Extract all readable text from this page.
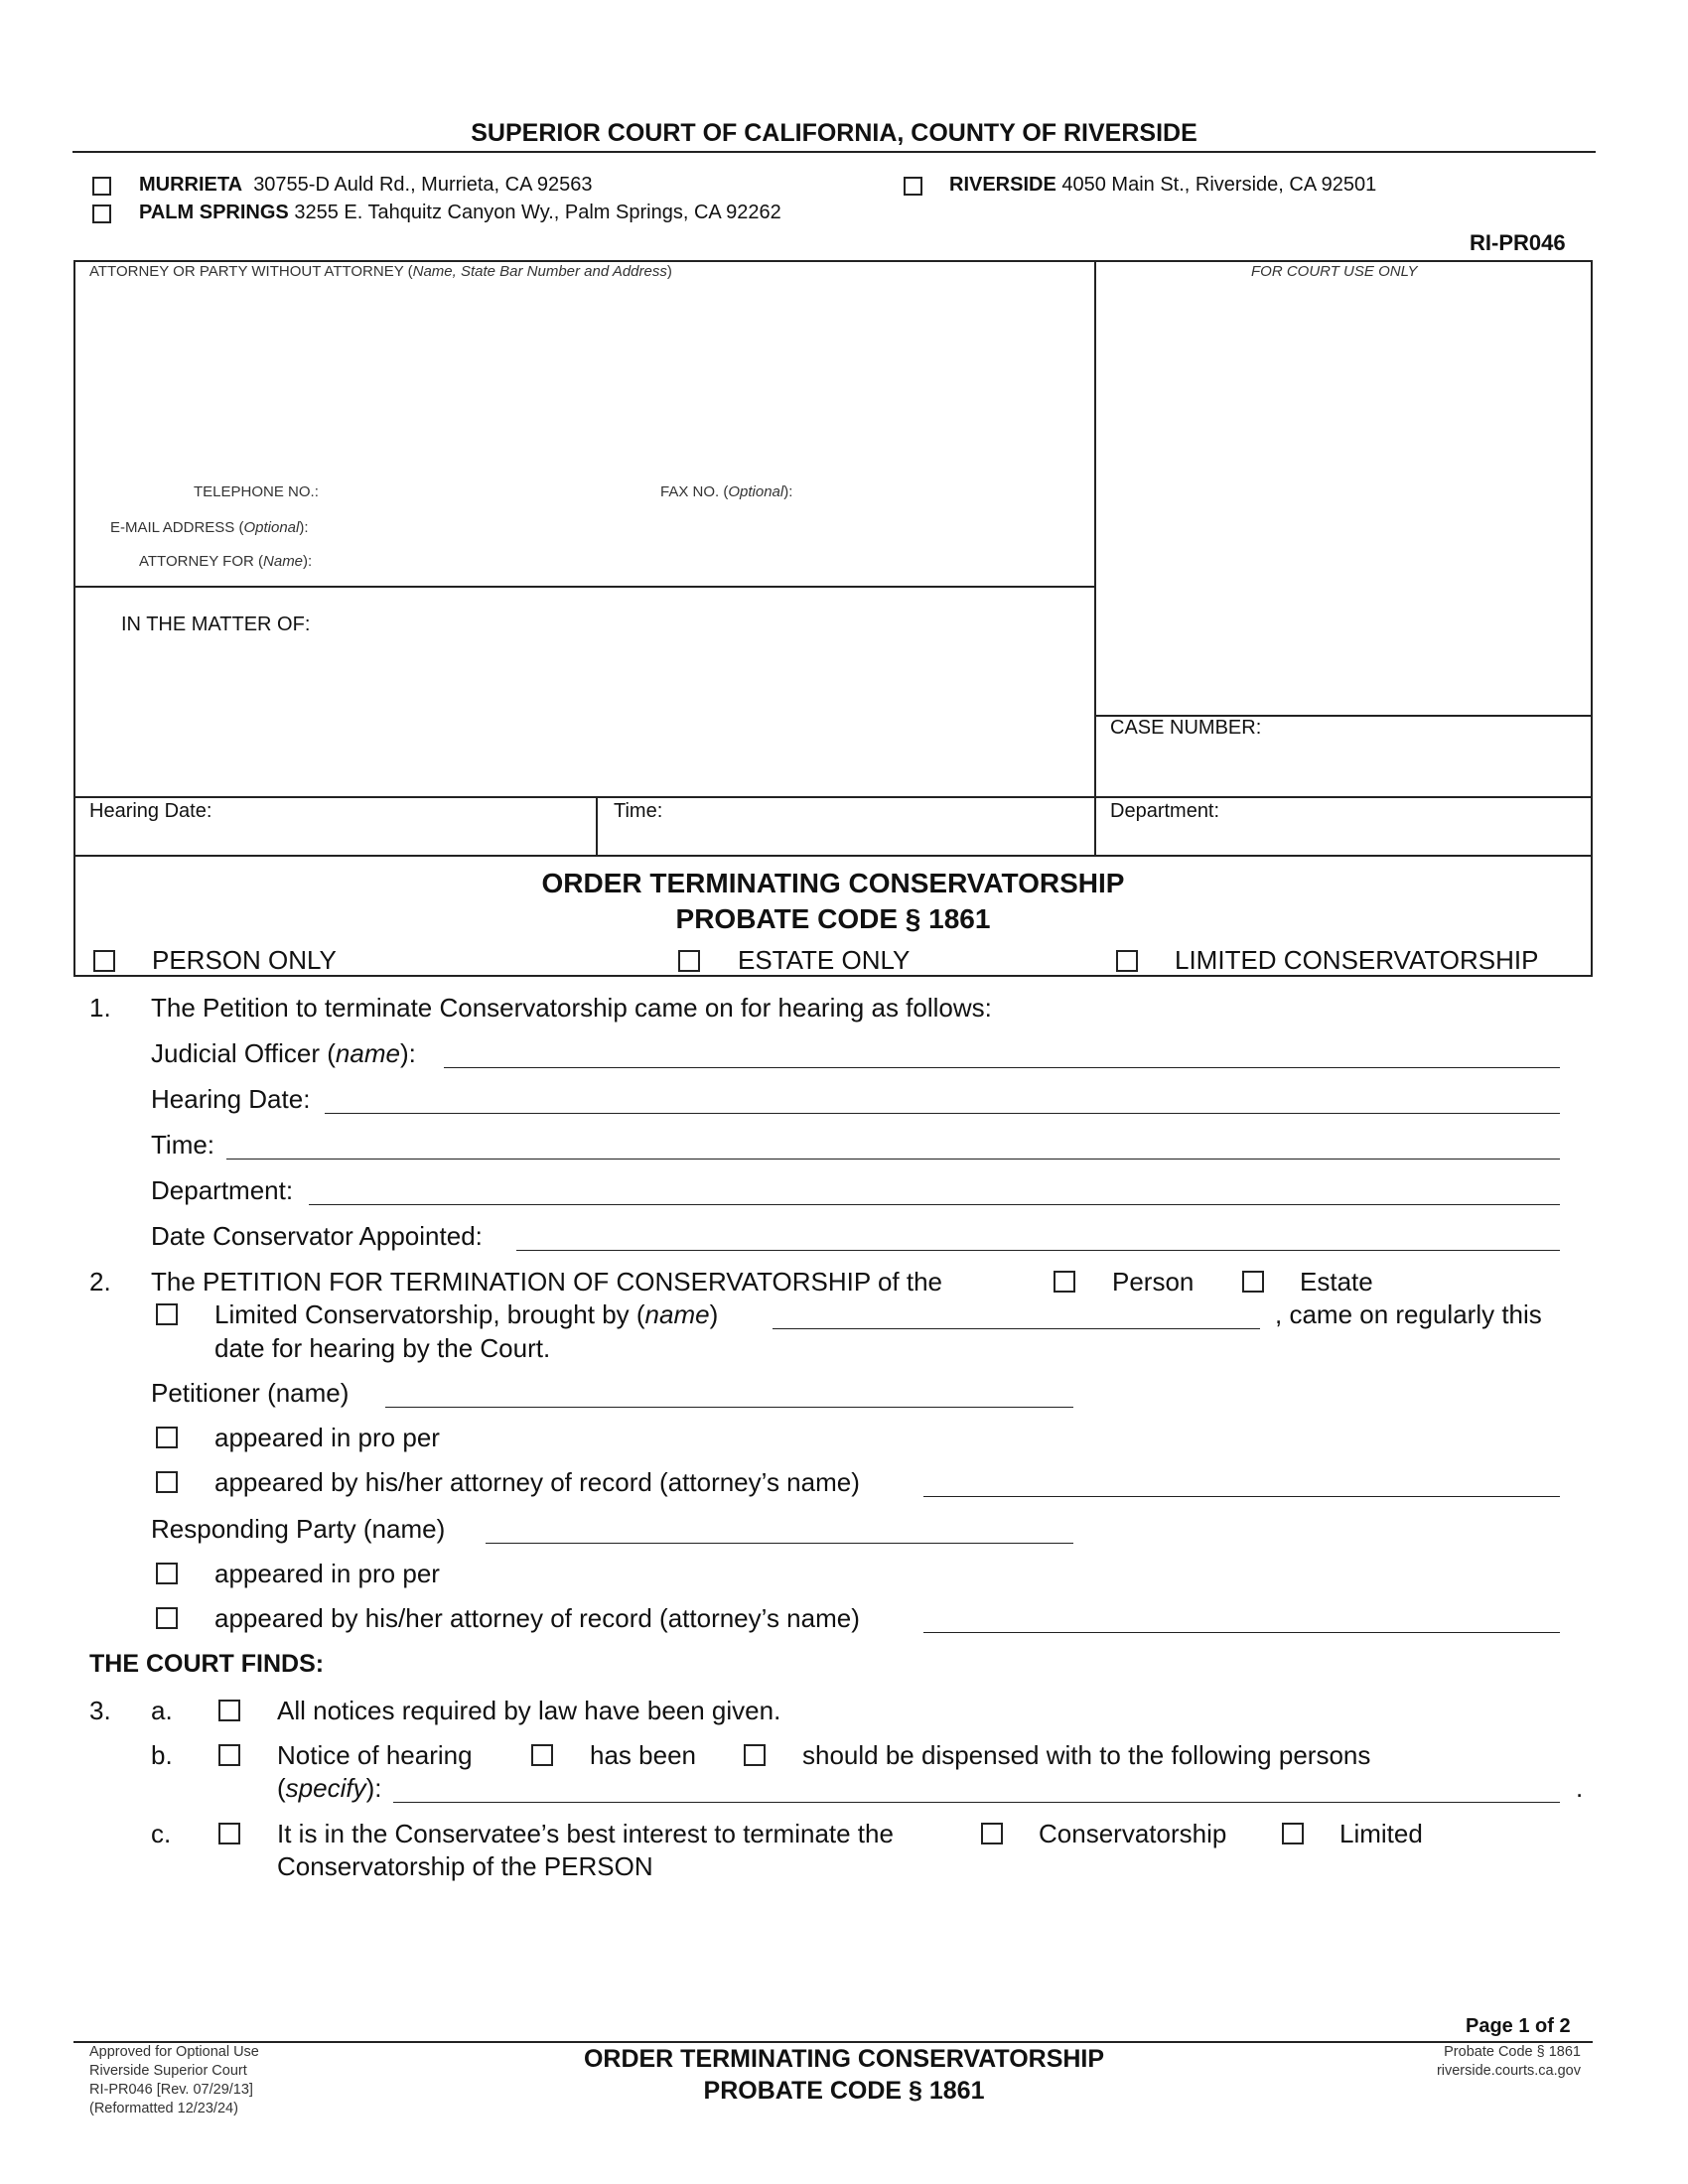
SUPERIOR COURT OF CALIFORNIA, COUNTY OF RIVERSIDE
MURRIETA 30755-D Auld Rd., Murrieta, CA 92563
PALM SPRINGS 3255 E. Tahquitz Canyon Wy., Palm Springs, CA 92262
RIVERSIDE 4050 Main St., Riverside, CA 92501
RI-PR046
ATTORNEY OR PARTY WITHOUT ATTORNEY (Name, State Bar Number and Address)	FOR COURT USE ONLY
TELEPHONE NO.:	FAX NO. (Optional):
E-MAIL ADDRESS (Optional):
ATTORNEY FOR (Name):
IN THE MATTER OF:
CASE NUMBER:
Hearing Date:	Time:	Department:
ORDER TERMINATING CONSERVATORSHIP
PROBATE CODE § 1861
PERSON ONLY	ESTATE ONLY	LIMITED CONSERVATORSHIP
1. The Petition to terminate Conservatorship came on for hearing as follows:
Judicial Officer (name):
Hearing Date:
Time:
Department:
Date Conservator Appointed:
2. The PETITION FOR TERMINATION OF CONSERVATORSHIP of the	Person	Estate
Limited Conservatorship, brought by (name)	, came on regularly this
date for hearing by the Court.
Petitioner (name)
appeared in pro per
appeared by his/her attorney of record (attorney’s name)
Responding Party (name)
appeared in pro per
appeared by his/her attorney of record (attorney’s name)
THE COURT FINDS:
3. a.	All notices required by law have been given.
b.	Notice of hearing	has been	should be dispensed with to the following persons
(specify):	.
c.	It is in the Conservatee’s best interest to terminate the	Conservatorship	Limited
Conservatorship of the PERSON
Page 1 of 2
Approved for Optional Use
Riverside Superior Court
RI-PR046 [Rev. 07/29/13]
(Reformatted 12/23/24)
ORDER TERMINATING CONSERVATORSHIP
PROBATE CODE § 1861
Probate Code § 1861
riverside.courts.ca.gov
